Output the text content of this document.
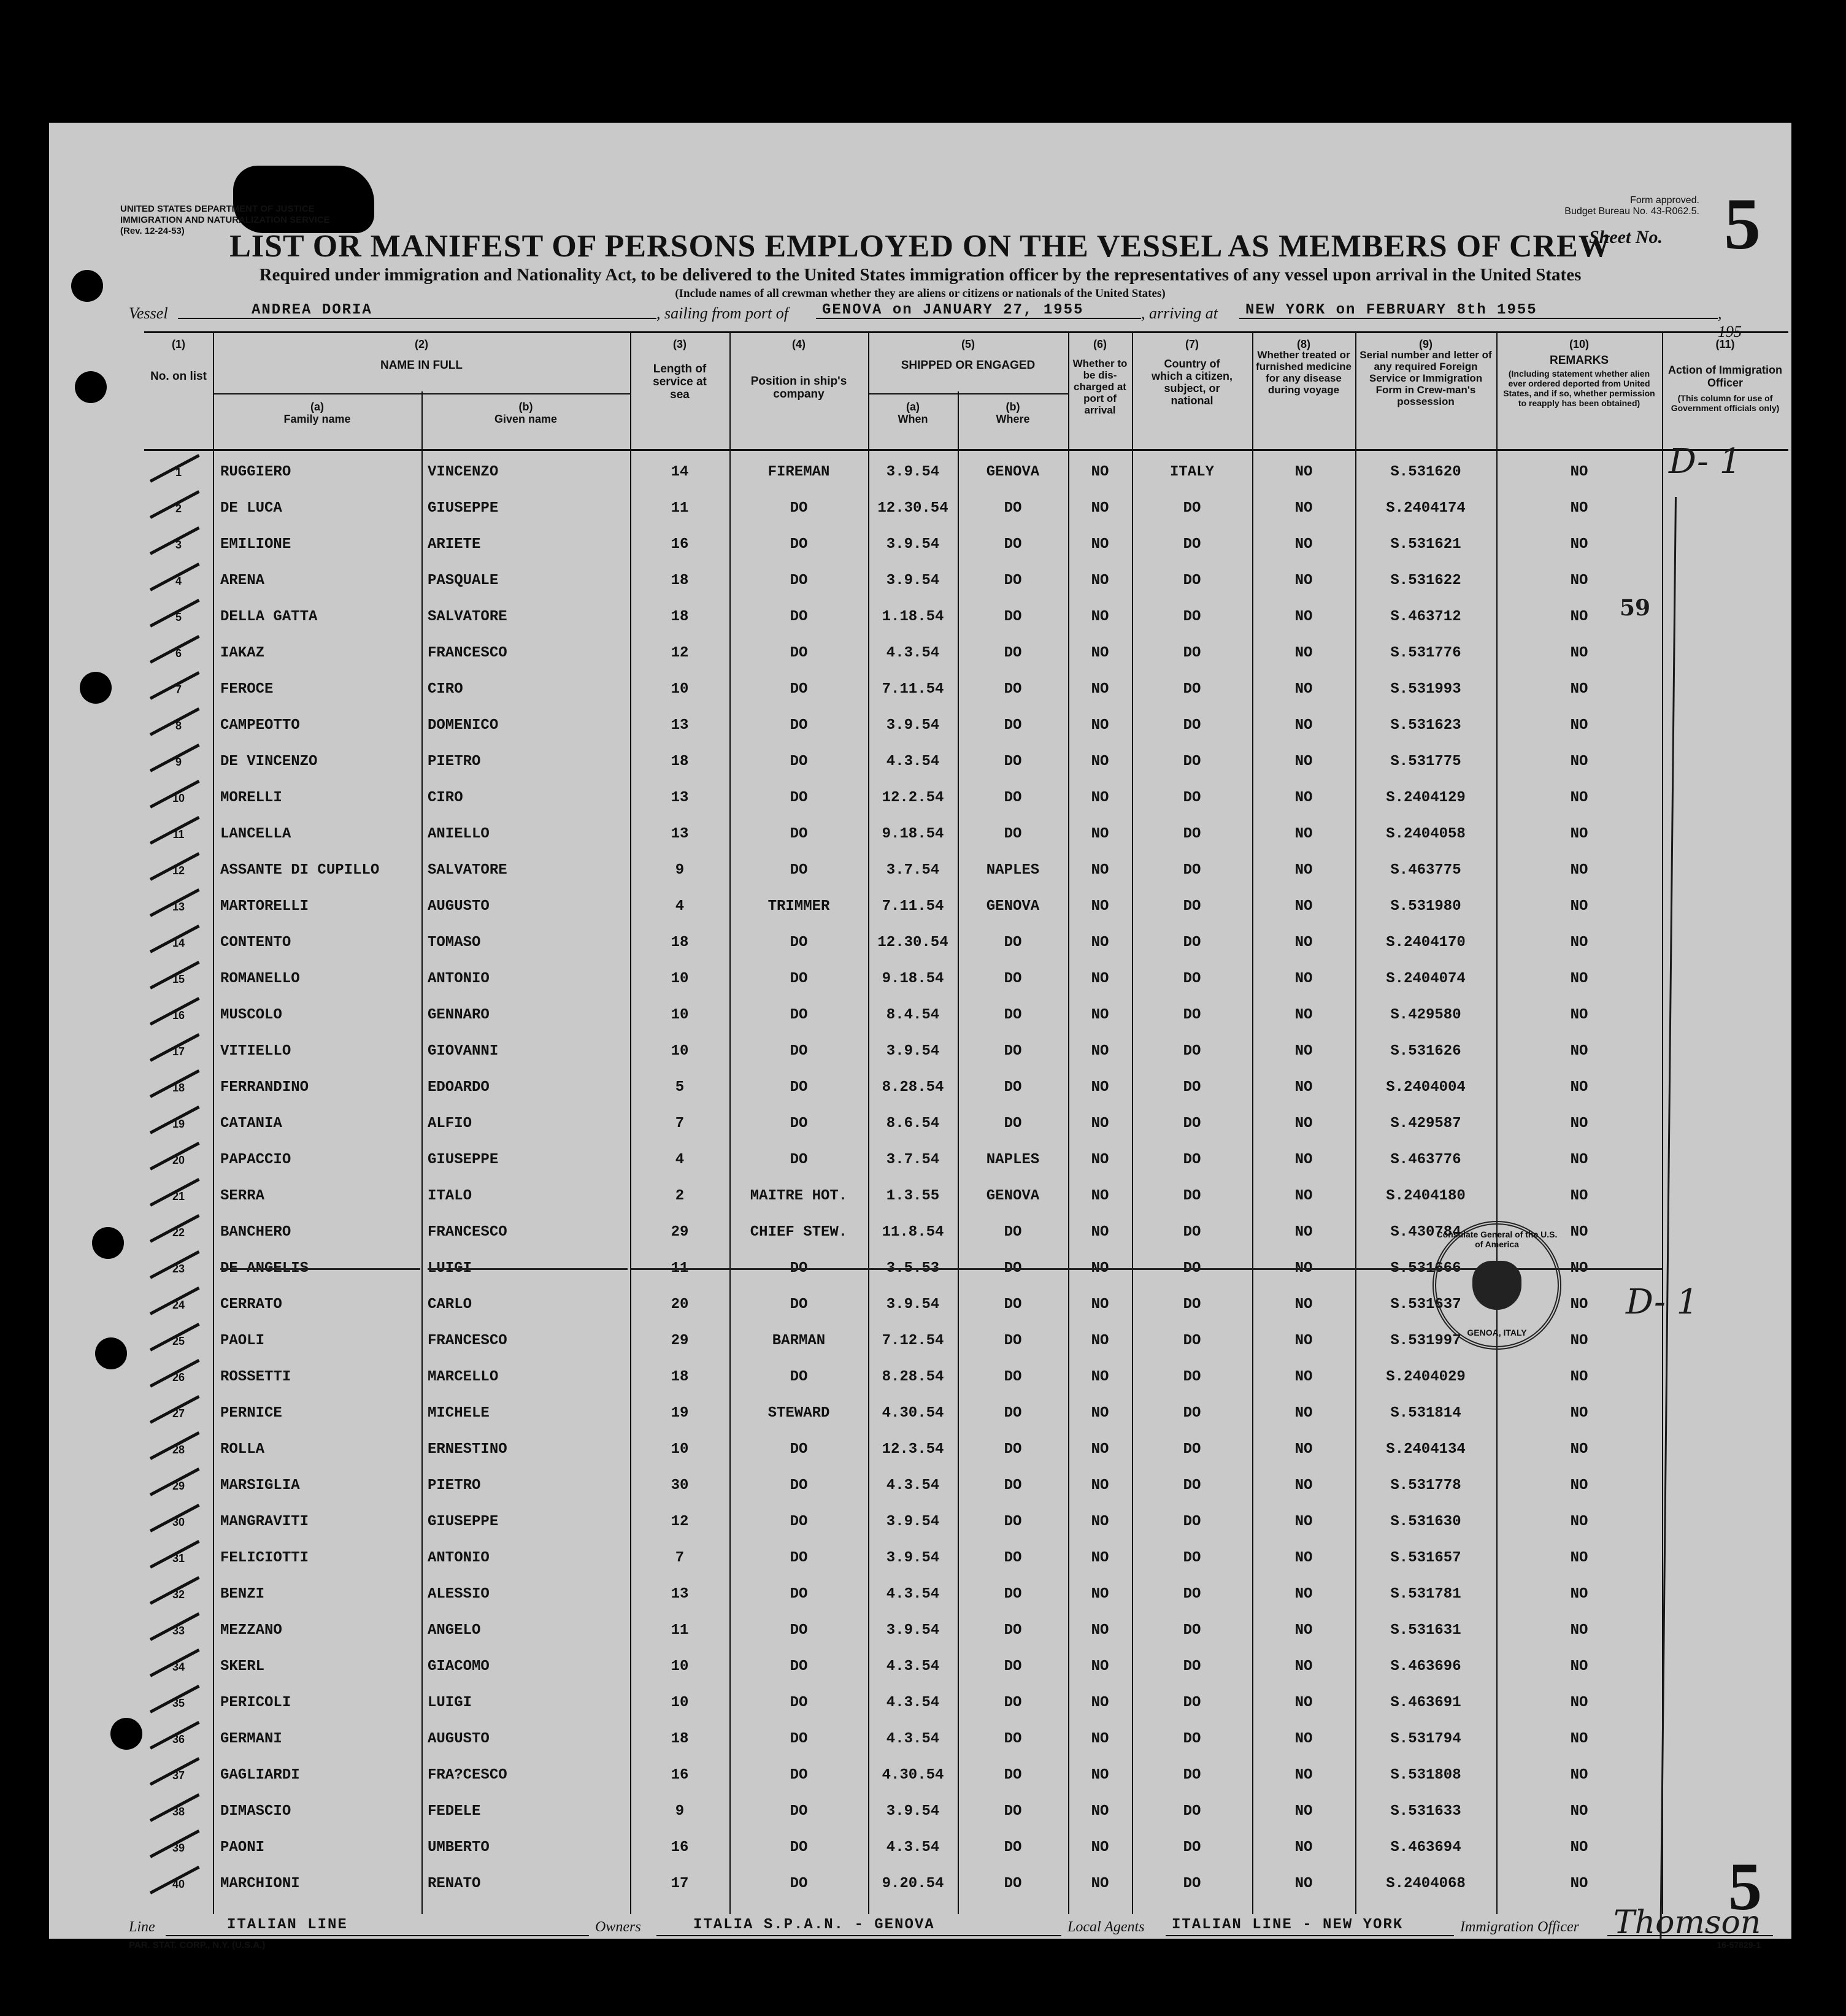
UNITED STATES DEPARTMENT OF JUSTICE
IMMIGRATION AND NATURALIZATION SERVICE
(Rev. 12-24-53)
Form approved.
Budget Bureau No. 43-R062.5.
Sheet No. 5
LIST OR MANIFEST OF PERSONS EMPLOYED ON THE VESSEL AS MEMBERS OF CREW
Required under immigration and Nationality Act, to be delivered to the United States immigration officer by the representatives of any vessel upon arrival in the United States
(Include names of all crewman whether they are aliens or citizens or nationals of the United States)
Vessel	ANDREA DORIA	, sailing from port of GENOVA on JANUARY 27, 1955	, arriving at NEW YORK on FEBRUARY 8th 1955	, 195
(1)
No. on list
(2)
NAME IN FULL
(a)
Family name
(b)
Given name
(3)
Length of service at sea
(4)
Position in ship's company
(5)
SHIPPED OR ENGAGED
(a)
When
(b)
Where
(6)
Whether to be dis-charged at port of arrival
(7)
Country of which a citizen, subject, or national
(8)
Whether treated or furnished medicine for any disease during voyage
(9)
Serial number and letter of any required Foreign Service or Immigration Form in Crew-man's possession
(10)
REMARKS
(Including statement whether alien ever ordered deported from United States, and if so, whether permission to reapply has been obtained)
(11)
Action of Immigration Officer
(This column for use of Government officials only)
1	RUGGIERO	VINCENZO	14	FIREMAN	3.9.54	GENOVA	NO	ITALY	NO	S.531620	NO
2	DE LUCA	GIUSEPPE	11	DO	12.30.54	DO	NO	DO	NO	S.2404174	NO
3	EMILIONE	ARIETE	16	DO	3.9.54	DO	NO	DO	NO	S.531621	NO
4	ARENA	PASQUALE	18	DO	3.9.54	DO	NO	DO	NO	S.531622	NO
5	DELLA GATTA	SALVATORE	18	DO	1.18.54	DO	NO	DO	NO	S.463712	NO
6	IAKAZ	FRANCESCO	12	DO	4.3.54	DO	NO	DO	NO	S.531776	NO
7	FEROCE	CIRO	10	DO	7.11.54	DO	NO	DO	NO	S.531993	NO
8	CAMPEOTTO	DOMENICO	13	DO	3.9.54	DO	NO	DO	NO	S.531623	NO
9	DE VINCENZO	PIETRO	18	DO	4.3.54	DO	NO	DO	NO	S.531775	NO
10	MORELLI	CIRO	13	DO	12.2.54	DO	NO	DO	NO	S.2404129	NO
11	LANCELLA	ANIELLO	13	DO	9.18.54	DO	NO	DO	NO	S.2404058	NO
12	ASSANTE DI CUPILLO	SALVATORE	9	DO	3.7.54	NAPLES	NO	DO	NO	S.463775	NO
13	MARTORELLI	AUGUSTO	4	TRIMMER	7.11.54	GENOVA	NO	DO	NO	S.531980	NO
14	CONTENTO	TOMASO	18	DO	12.30.54	DO	NO	DO	NO	S.2404170	NO
15	ROMANELLO	ANTONIO	10	DO	9.18.54	DO	NO	DO	NO	S.2404074	NO
16	MUSCOLO	GENNARO	10	DO	8.4.54	DO	NO	DO	NO	S.429580	NO
17	VITIELLO	GIOVANNI	10	DO	3.9.54	DO	NO	DO	NO	S.531626	NO
18	FERRANDINO	EDOARDO	5	DO	8.28.54	DO	NO	DO	NO	S.2404004	NO
19	CATANIA	ALFIO	7	DO	8.6.54	DO	NO	DO	NO	S.429587	NO
20	PAPACCIO	GIUSEPPE	4	DO	3.7.54	NAPLES	NO	DO	NO	S.463776	NO
21	SERRA	ITALO	2	MAITRE HOT.	1.3.55	GENOVA	NO	DO	NO	S.2404180	NO
22	BANCHERO	FRANCESCO	29	CHIEF STEW.	11.8.54	DO	NO	DO	NO	S.430784	NO
23	DE ANGELIS	LUIGI	11	DO	3.5.53	DO	NO	DO	NO	S.531666	NO
24	CERRATO	CARLO	20	DO	3.9.54	DO	NO	DO	NO	S.531637	NO
25	PAOLI	FRANCESCO	29	BARMAN	7.12.54	DO	NO	DO	NO	S.531997	NO
26	ROSSETTI	MARCELLO	18	DO	8.28.54	DO	NO	DO	NO	S.2404029	NO
27	PERNICE	MICHELE	19	STEWARD	4.30.54	DO	NO	DO	NO	S.531814	NO
28	ROLLA	ERNESTINO	10	DO	12.3.54	DO	NO	DO	NO	S.2404134	NO
29	MARSIGLIA	PIETRO	30	DO	4.3.54	DO	NO	DO	NO	S.531778	NO
30	MANGRAVITI	GIUSEPPE	12	DO	3.9.54	DO	NO	DO	NO	S.531630	NO
31	FELICIOTTI	ANTONIO	7	DO	3.9.54	DO	NO	DO	NO	S.531657	NO
32	BENZI	ALESSIO	13	DO	4.3.54	DO	NO	DO	NO	S.531781	NO
33	MEZZANO	ANGELO	11	DO	3.9.54	DO	NO	DO	NO	S.531631	NO
34	SKERL	GIACOMO	10	DO	4.3.54	DO	NO	DO	NO	S.463696	NO
35	PERICOLI	LUIGI	10	DO	4.3.54	DO	NO	DO	NO	S.463691	NO
36	GERMANI	AUGUSTO	18	DO	4.3.54	DO	NO	DO	NO	S.531794	NO
37	GAGLIARDI	FRA?CESCO	16	DO	4.30.54	DO	NO	DO	NO	S.531808	NO
38	DIMASCIO	FEDELE	9	DO	3.9.54	DO	NO	DO	NO	S.531633	NO
39	PAONI	UMBERTO	16	DO	4.3.54	DO	NO	DO	NO	S.463694	NO
40	MARCHIONI	RENATO	17	DO	9.20.54	DO	NO	DO	NO	S.2404068	NO
D- 1
59
D- 1
Consulate General of the U.S. of America
GENOA, ITALY
Line	ITALIAN LINE	Owners	ITALIA S.P.A.N. - GENOVA	Local Agents ITALIAN LINE - NEW YORK	Immigration Officer Thomson
PAR. STAT. CORP., N.Y. (U.S.A.)	16-57829-1
5
